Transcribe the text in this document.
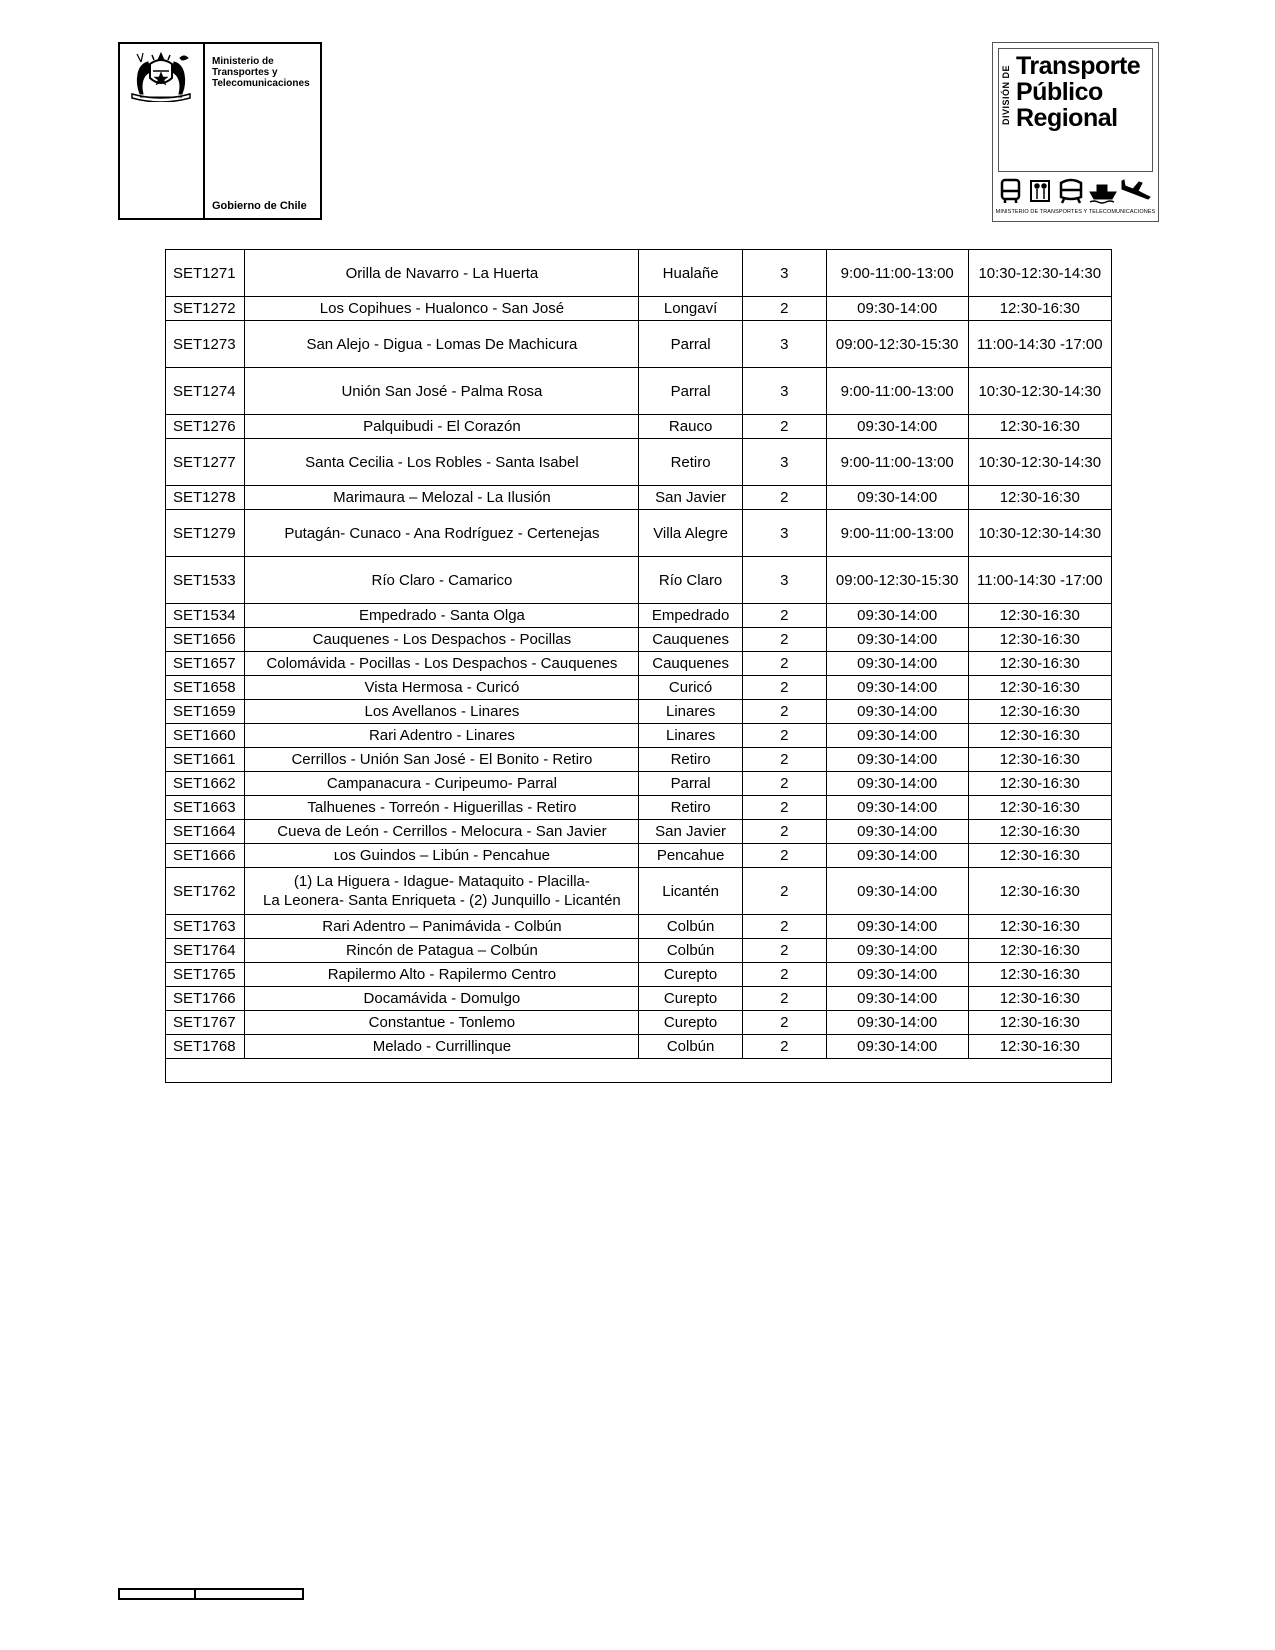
Ministerio de
Transportes y
Telecomunicaciones
Gobierno de Chile
DIVISIÓN DE Transporte
Público
Regional
MINISTERIO DE TRANSPORTES Y TELECOMUNICACIONES
SET1271	Orilla de Navarro - La Huerta	Hualañe	3	9:00-11:00-13:00	10:30-12:30-14:30
SET1272	Los Copihues - Hualonco - San José	Longaví	2	09:30-14:00	12:30-16:30
SET1273	San Alejo - Digua - Lomas De Machicura	Parral	3	09:00-12:30-15:30	11:00-14:30 -17:00
SET1274	Unión San José - Palma Rosa	Parral	3	9:00-11:00-13:00	10:30-12:30-14:30
SET1276	Palquibudi - El Corazón	Rauco	2	09:30-14:00	12:30-16:30
SET1277	Santa Cecilia - Los Robles - Santa Isabel	Retiro	3	9:00-11:00-13:00	10:30-12:30-14:30
SET1278	Marimaura – Melozal - La Ilusión	San Javier	2	09:30-14:00	12:30-16:30
SET1279	Putagán- Cunaco - Ana Rodríguez - Certenejas	Villa Alegre	3	9:00-11:00-13:00	10:30-12:30-14:30
SET1533	Río Claro - Camarico	Río Claro	3	09:00-12:30-15:30	11:00-14:30 -17:00
SET1534	Empedrado - Santa Olga	Empedrado	2	09:30-14:00	12:30-16:30
SET1656	Cauquenes - Los Despachos - Pocillas	Cauquenes	2	09:30-14:00	12:30-16:30
SET1657	Colomávida - Pocillas - Los Despachos - Cauquenes	Cauquenes	2	09:30-14:00	12:30-16:30
SET1658	Vista Hermosa - Curicó	Curicó	2	09:30-14:00	12:30-16:30
SET1659	Los Avellanos - Linares	Linares	2	09:30-14:00	12:30-16:30
SET1660	Rari Adentro - Linares	Linares	2	09:30-14:00	12:30-16:30
SET1661	Cerrillos - Unión San José - El Bonito - Retiro	Retiro	2	09:30-14:00	12:30-16:30
SET1662	Campanacura - Curipeumo- Parral	Parral	2	09:30-14:00	12:30-16:30
SET1663	Talhuenes - Torreón - Higuerillas - Retiro	Retiro	2	09:30-14:00	12:30-16:30
SET1664	Cueva de León - Cerrillos - Melocura - San Javier	San Javier	2	09:30-14:00	12:30-16:30
SET1666	ʟos Guindos – Libún - Pencahue	Pencahue	2	09:30-14:00	12:30-16:30
SET1762	(1) La Higuera - Idague- Mataquito - Placilla-
La Leonera- Santa Enriqueta - (2) Junquillo - Licantén	Licantén	2	09:30-14:00	12:30-16:30
SET1763	Rari Adentro – Panimávida - Colbún	Colbún	2	09:30-14:00	12:30-16:30
SET1764	Rincón de Patagua – Colbún	Colbún	2	09:30-14:00	12:30-16:30
SET1765	Rapilermo Alto - Rapilermo Centro	Curepto	2	09:30-14:00	12:30-16:30
SET1766	Docamávida - Domulgo	Curepto	2	09:30-14:00	12:30-16:30
SET1767	Constantue - Tonlemo	Curepto	2	09:30-14:00	12:30-16:30
SET1768	Melado - Currillinque	Colbún	2	09:30-14:00	12:30-16:30
